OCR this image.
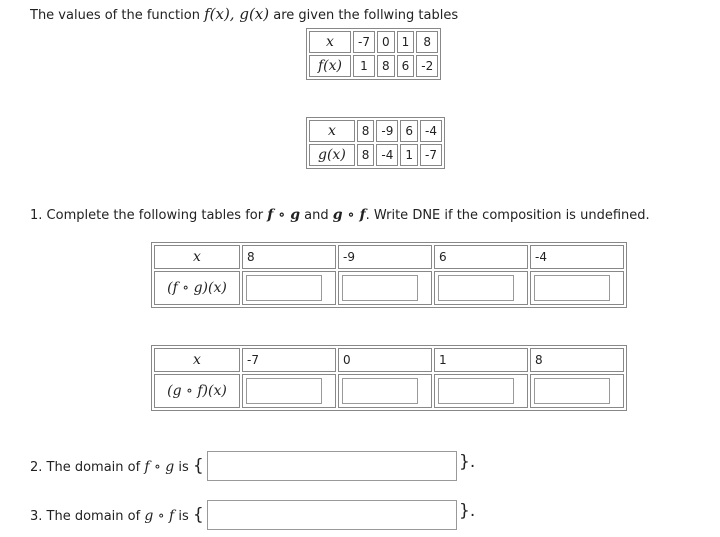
The values of the function f(x), g(x) are given the follwing tables
x	-7	0	1	8
f(x)	1	8	6	-2
x	8	-9	6	-4
g(x)	8	-4	1	-7
1. Complete the following tables for f ∘ g and g ∘ f. Write DNE if the composition is undefined.
x	8	-9	6	-4
(f ∘ g)(x)				
x	-7	0	1	8
(g ∘ f)(x)				
2. The domain of f ∘ g is {	}.
3. The domain of g ∘ f is {	}.
